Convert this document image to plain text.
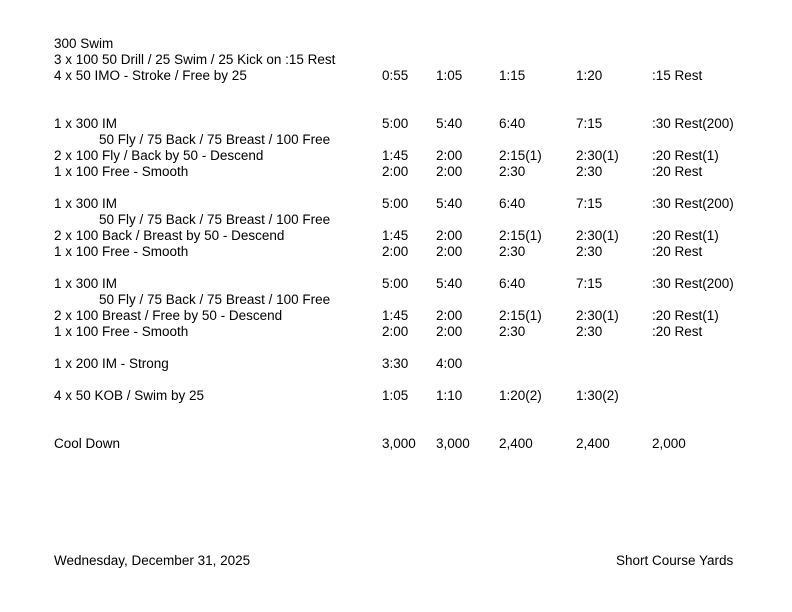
300 Swim
3 x 100 50 Drill / 25 Swim / 25 Kick on :15 Rest
4 x 50 IMO - Stroke / Free by 25	0:55 1:05	1:15	1:20	:15 Rest
1 x 300 IM	5:00 5:40	6:40	7:15	:30 Rest(200)
50 Fly / 75 Back / 75 Breast / 100 Free
2 x 100 Fly / Back by 50 - Descend	1:45 2:00	2:15(1)	2:30(1) :20 Rest(1)
1 x 100 Free - Smooth	2:00 2:00	2:30	2:30	:20 Rest
1 x 300 IM	5:00 5:40	6:40	7:15	:30 Rest(200)
50 Fly / 75 Back / 75 Breast / 100 Free
2 x 100 Back / Breast by 50 - Descend	1:45 2:00	2:15(1)	2:30(1) :20 Rest(1)
1 x 100 Free - Smooth	2:00 2:00	2:30	2:30	:20 Rest
1 x 300 IM	5:00 5:40	6:40	7:15	:30 Rest(200)
50 Fly / 75 Back / 75 Breast / 100 Free
2 x 100 Breast / Free by 50 - Descend	1:45 2:00	2:15(1)	2:30(1) :20 Rest(1)
1 x 100 Free - Smooth	2:00 2:00	2:30	2:30	:20 Rest
1 x 200 IM - Strong	3:30 4:00
4 x 50 KOB / Swim by 25	1:05 1:10	1:20(2)	1:30(2)
Cool Down	3,000 3,000 2,400	2,400	2,000
Wednesday, December 31, 2025	Short Course Yards
